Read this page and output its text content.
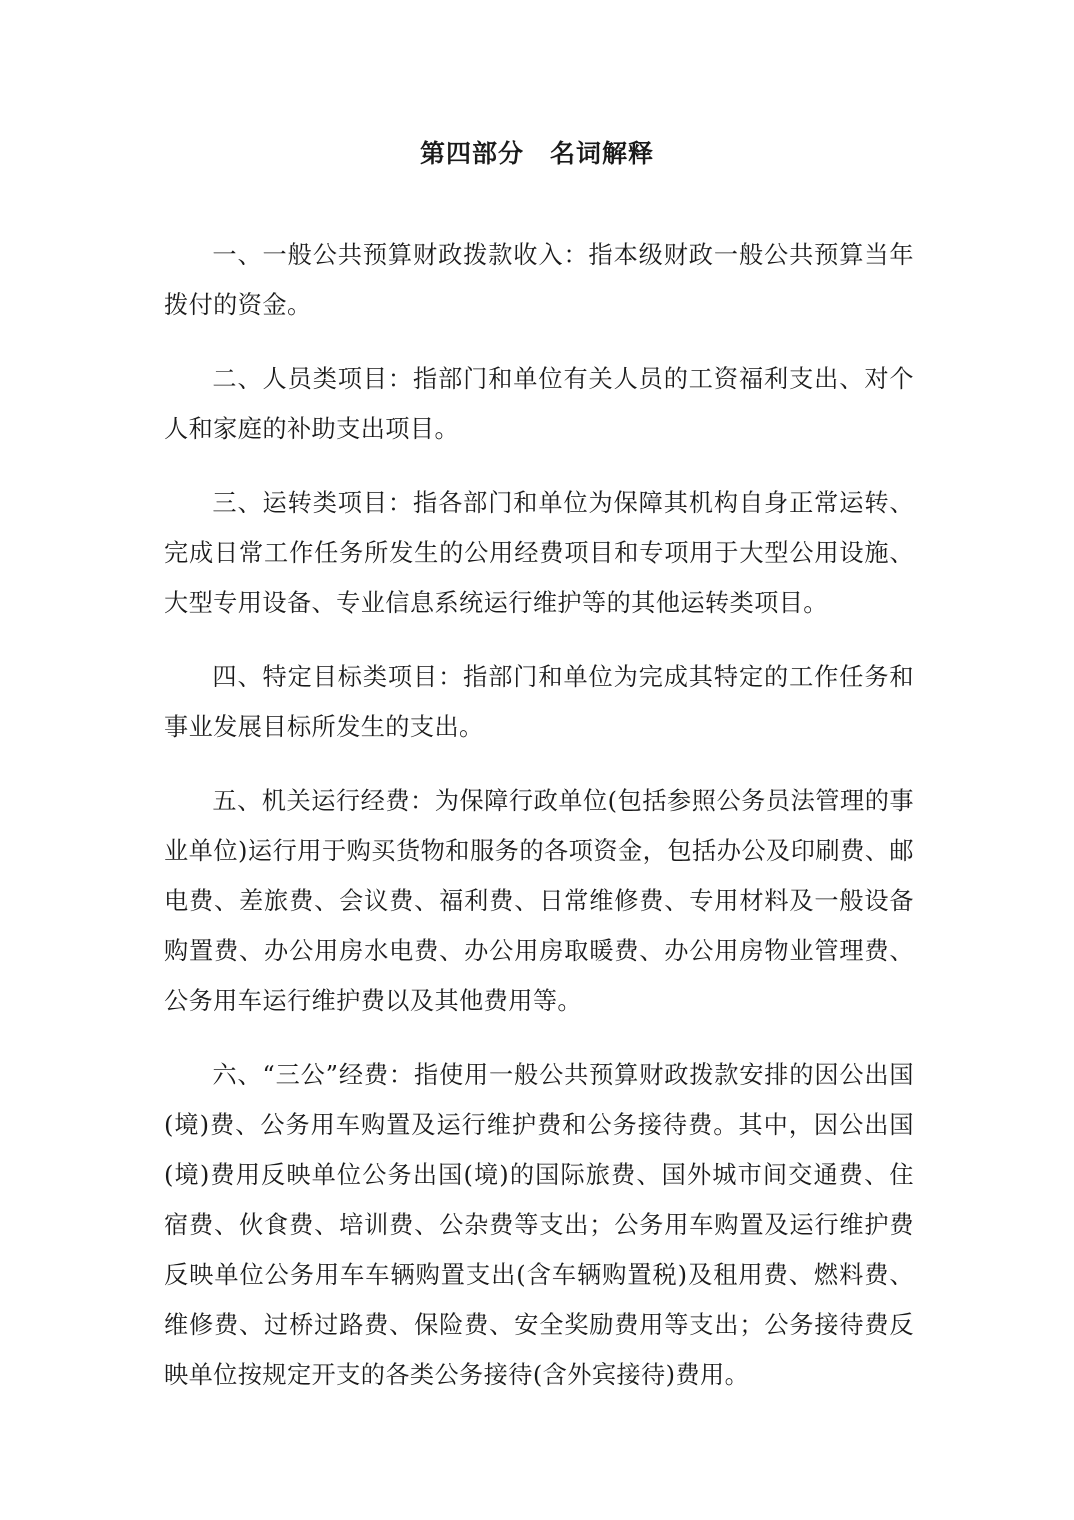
第四部分　名词解释

一、一般公共预算财政拨款收入：指本级财政一般公共预算当年拨付的资金。

二、人员类项目：指部门和单位有关人员的工资福利支出、对个人和家庭的补助支出项目。

三、运转类项目：指各部门和单位为保障其机构自身正常运转、完成日常工作任务所发生的公用经费项目和专项用于大型公用设施、大型专用设备、专业信息系统运行维护等的其他运转类项目。

四、特定目标类项目：指部门和单位为完成其特定的工作任务和事业发展目标所发生的支出。

五、机关运行经费：为保障行政单位(包括参照公务员法管理的事业单位)运行用于购买货物和服务的各项资金，包括办公及印刷费、邮电费、差旅费、会议费、福利费、日常维修费、专用材料及一般设备购置费、办公用房水电费、办公用房取暖费、办公用房物业管理费、公务用车运行维护费以及其他费用等。

六、“三公”经费：指使用一般公共预算财政拨款安排的因公出国(境)费、公务用车购置及运行维护费和公务接待费。其中，因公出国(境)费用反映单位公务出国(境)的国际旅费、国外城市间交通费、住宿费、伙食费、培训费、公杂费等支出；公务用车购置及运行维护费反映单位公务用车车辆购置支出(含车辆购置税)及租用费、燃料费、维修费、过桥过路费、保险费、安全奖励费用等支出；公务接待费反映单位按规定开支的各类公务接待(含外宾接待)费用。
